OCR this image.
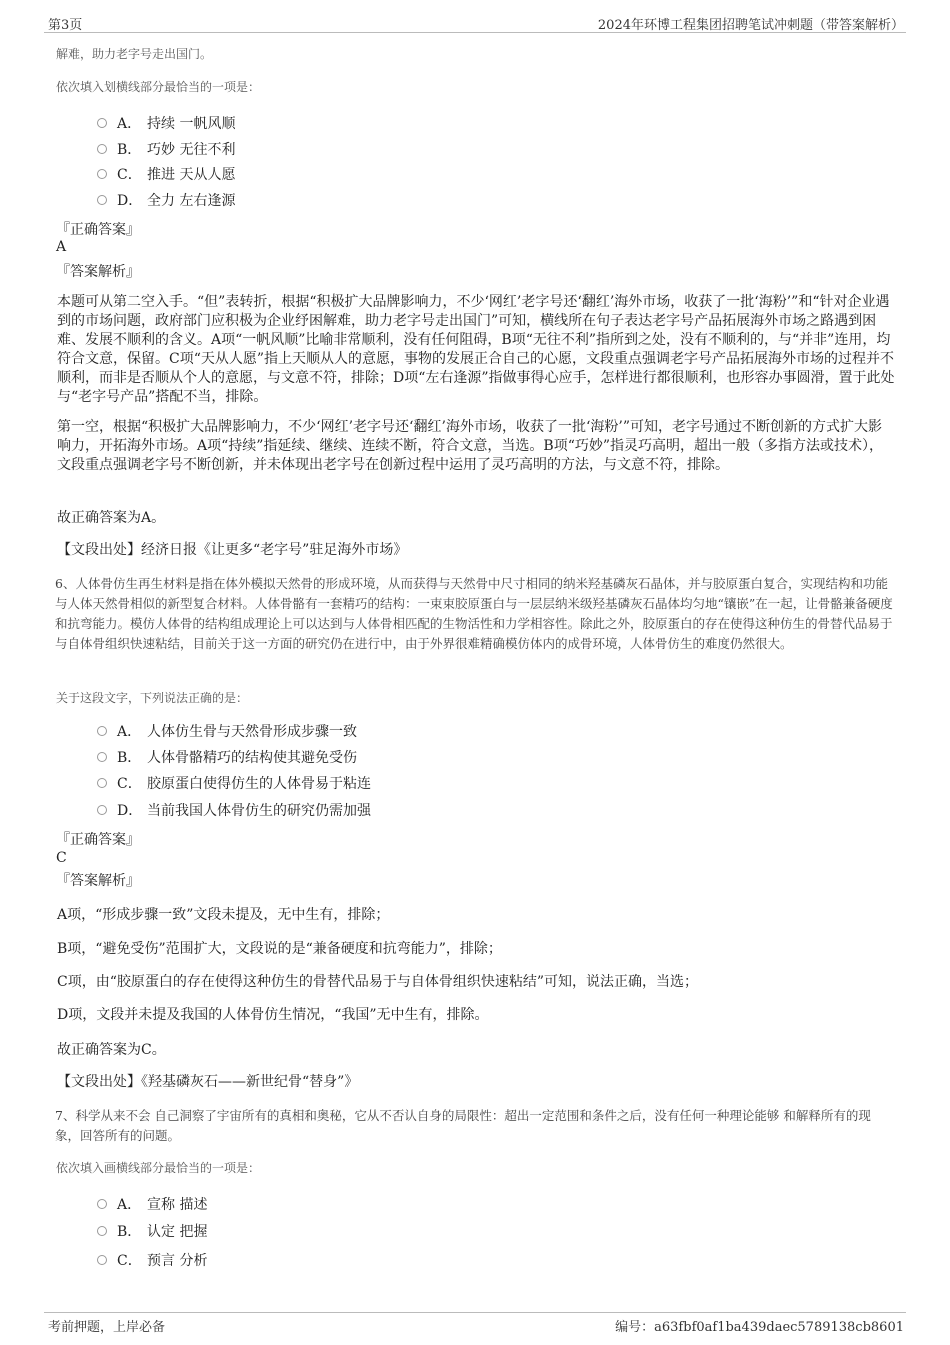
第3页	2024年环博工程集团招聘笔试冲刺题（带答案解析）
解难，助力老字号走出国门。
依次填入划横线部分最恰当的一项是：
A． 持续 一帆风顺
B． 巧妙 无往不利
C． 推进 天从人愿
D． 全力 左右逢源
『正确答案』
A
『答案解析』
本题可从第二空入手。“但”表转折，根据“积极扩大品牌影响力，不少‘网红’老字号还‘翻红’海外市场，收获了一批‘海粉’”和“针对企业遇到的市场问题，政府部门应积极为企业纾困解难，助力老字号走出国门”可知，横线所在句子表达老字号产品拓展海外市场之路遇到困难、发展不顺利的含义。A项“一帆风顺”比喻非常顺利，没有任何阻碍，B项“无往不利”指所到之处，没有不顺利的，与“并非”连用，均符合文意，保留。C项“天从人愿”指上天顺从人的意愿，事物的发展正合自己的心愿，文段重点强调老字号产品拓展海外市场的过程并不顺利，而非是否顺从个人的意愿，与文意不符，排除；D项“左右逢源”指做事得心应手，怎样进行都很顺利，也形容办事圆滑，置于此处与“老字号产品”搭配不当，排除。
第一空，根据“积极扩大品牌影响力，不少‘网红’老字号还‘翻红’海外市场，收获了一批‘海粉’”可知，老字号通过不断创新的方式扩大影响力，开拓海外市场。A项“持续”指延续、继续、连续不断，符合文意，当选。B项“巧妙”指灵巧高明，超出一般（多指方法或技术），文段重点强调老字号不断创新，并未体现出老字号在创新过程中运用了灵巧高明的方法，与文意不符，排除。
故正确答案为A。
【文段出处】经济日报《让更多“老字号”驻足海外市场》
6、人体骨仿生再生材料是指在体外模拟天然骨的形成环境，从而获得与天然骨中尺寸相同的纳米羟基磷灰石晶体，并与胶原蛋白复合，实现结构和功能与人体天然骨相似的新型复合材料。人体骨骼有一套精巧的结构：一束束胶原蛋白与一层层纳米级羟基磷灰石晶体均匀地“镶嵌”在一起，让骨骼兼备硬度和抗弯能力。模仿人体骨的结构组成理论上可以达到与人体骨相匹配的生物活性和力学相容性。除此之外，胶原蛋白的存在使得这种仿生的骨替代品易于与自体骨组织快速粘结，目前关于这一方面的研究仍在进行中，由于外界很难精确模仿体内的成骨环境，人体骨仿生的难度仍然很大。
关于这段文字，下列说法正确的是：
A． 人体仿生骨与天然骨形成步骤一致
B． 人体骨骼精巧的结构使其避免受伤
C． 胶原蛋白使得仿生的人体骨易于粘连
D． 当前我国人体骨仿生的研究仍需加强
『正确答案』
C
『答案解析』
A项，“形成步骤一致”文段未提及，无中生有，排除；
B项，“避免受伤”范围扩大，文段说的是“兼备硬度和抗弯能力”，排除；
C项，由“胶原蛋白的存在使得这种仿生的骨替代品易于与自体骨组织快速粘结”可知，说法正确，当选；
D项，文段并未提及我国的人体骨仿生情况，“我国”无中生有，排除。
故正确答案为C。
【文段出处】《羟基磷灰石——新世纪骨“替身”》
7、科学从来不会 自己洞察了宇宙所有的真相和奥秘，它从不否认自身的局限性：超出一定范围和条件之后，没有任何一种理论能够 和解释所有的现象，回答所有的问题。
依次填入画横线部分最恰当的一项是：
A． 宣称 描述
B． 认定 把握
C． 预言 分析
考前押题，上岸必备	编号：a63fbf0af1ba439daec5789138cb8601
